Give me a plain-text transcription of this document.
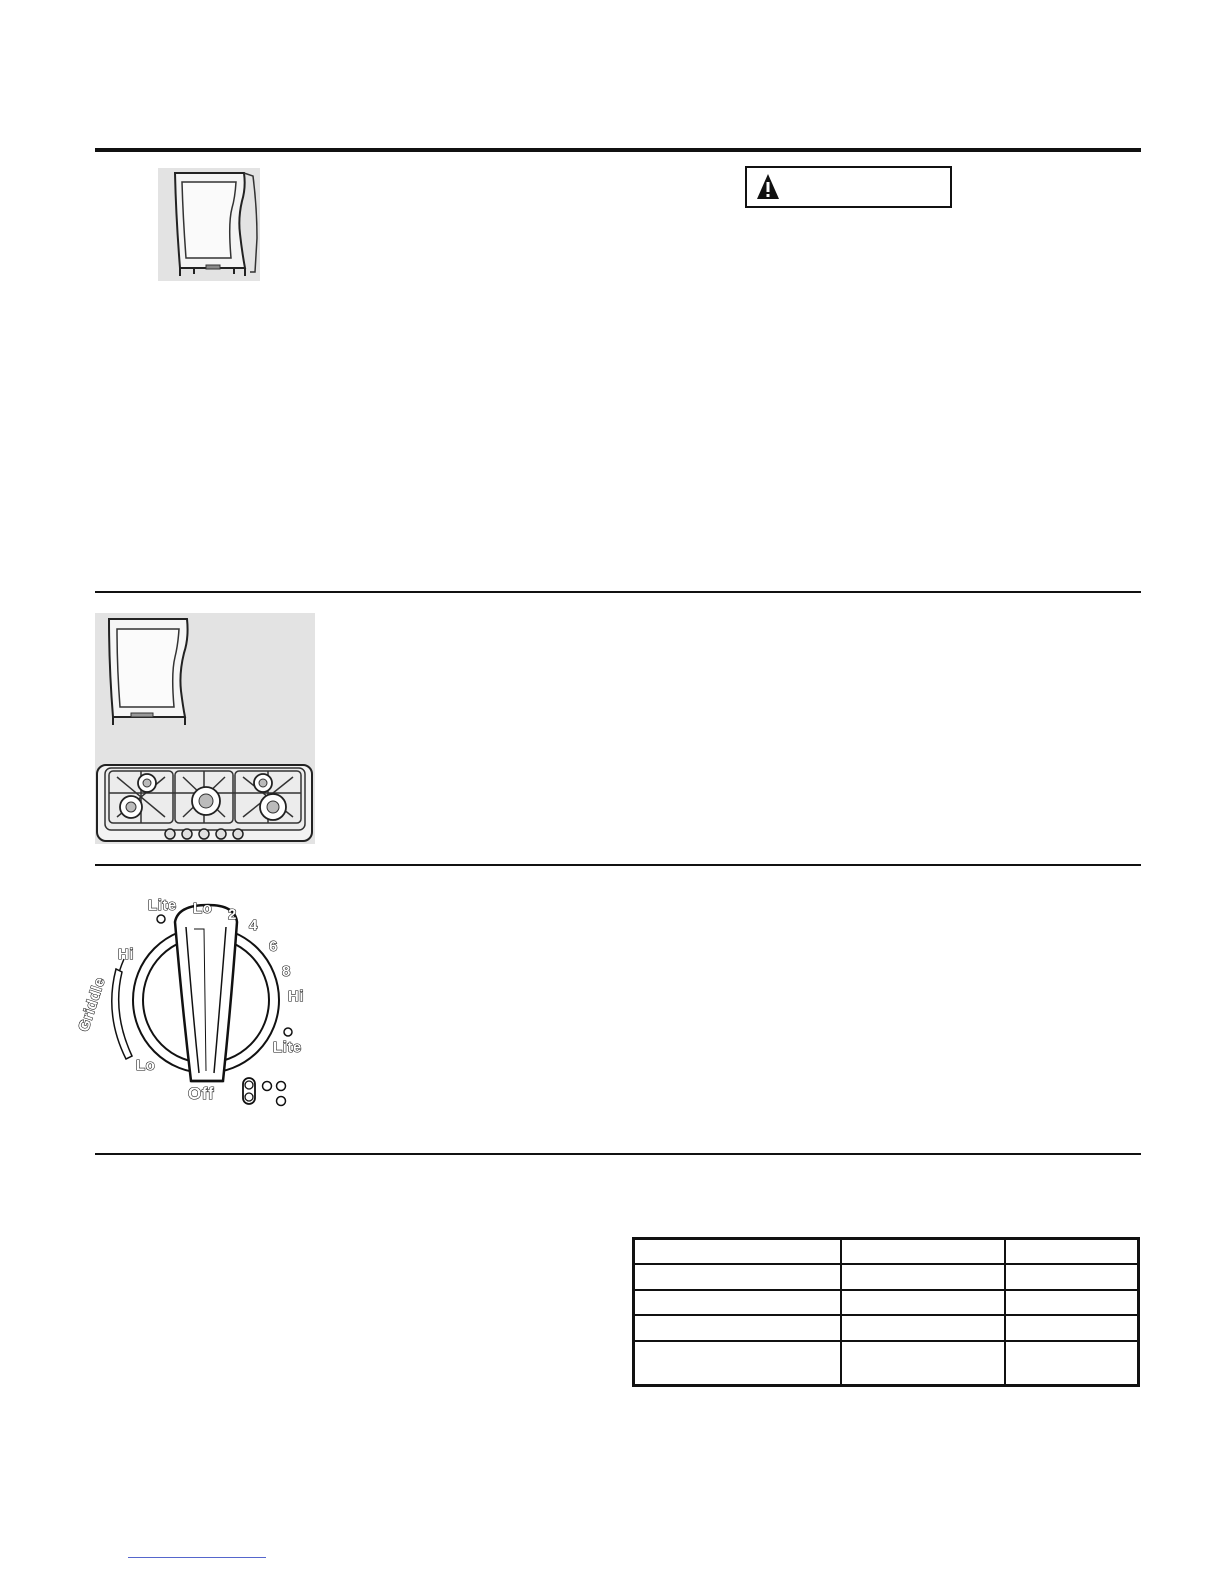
Griddle
Hi
Lo
Lite Lo 2
4
6
8
Hi
Lite
Off
